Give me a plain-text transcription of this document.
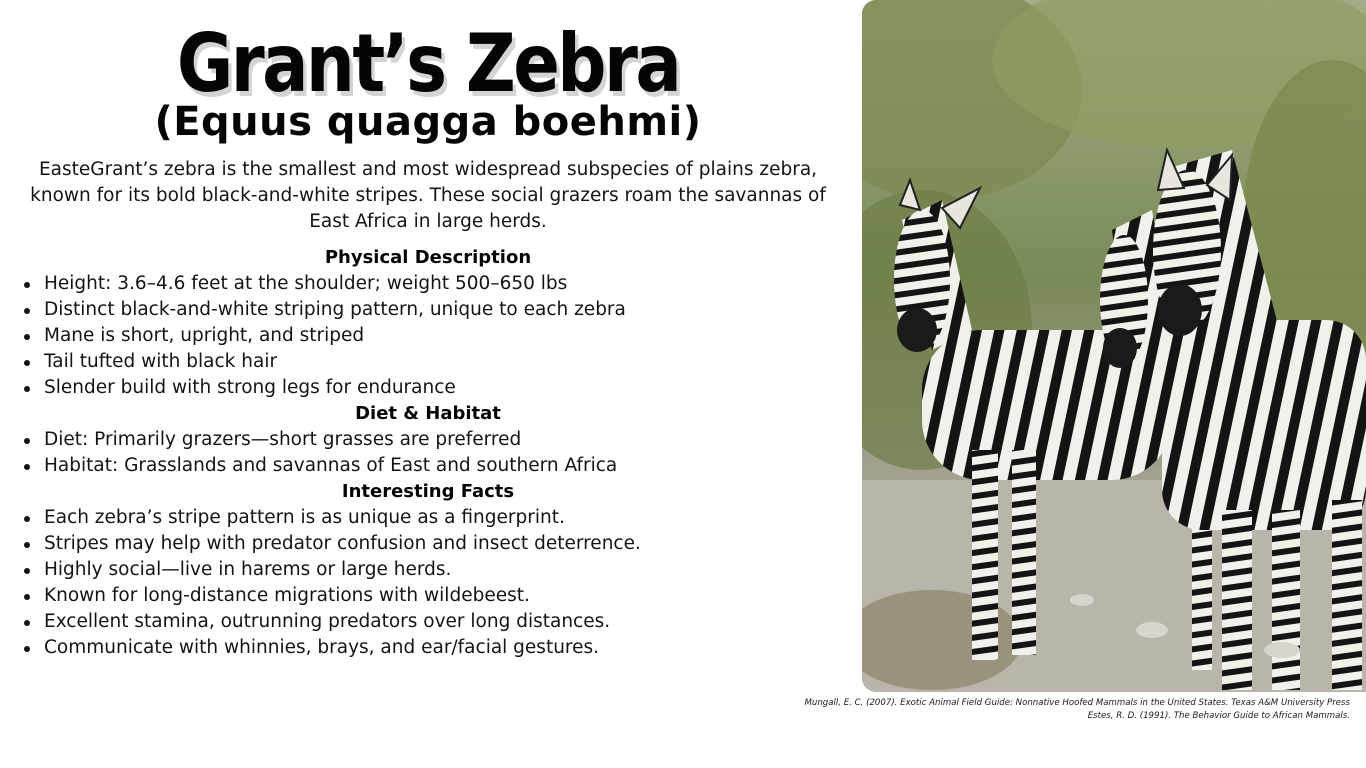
Grant’s Zebra
(Equus quagga boehmi)
EasteGrant’s zebra is the smallest and most widespread subspecies of plains zebra, known for its bold black-and-white stripes. These social grazers roam the savannas of East Africa in large herds.
Physical Description
Height: 3.6–4.6 feet at the shoulder; weight 500–650 lbs
Distinct black-and-white striping pattern, unique to each zebra
Mane is short, upright, and striped
Tail tufted with black hair
Slender build with strong legs for endurance
Diet & Habitat
Diet: Primarily grazers—short grasses are preferred
Habitat: Grasslands and savannas of East and southern Africa
Interesting Facts
Each zebra’s stripe pattern is as unique as a fingerprint.
Stripes may help with predator confusion and insect deterrence.
Highly social—live in harems or large herds.
Known for long-distance migrations with wildebeest.
Excellent stamina, outrunning predators over long distances.
Communicate with whinnies, brays, and ear/facial gestures.
Mungall, E. C. (2007). Exotic Animal Field Guide: Nonnative Hoofed Mammals in the United States. Texas A&M University Press
Estes, R. D. (1991). The Behavior Guide to African Mammals.
